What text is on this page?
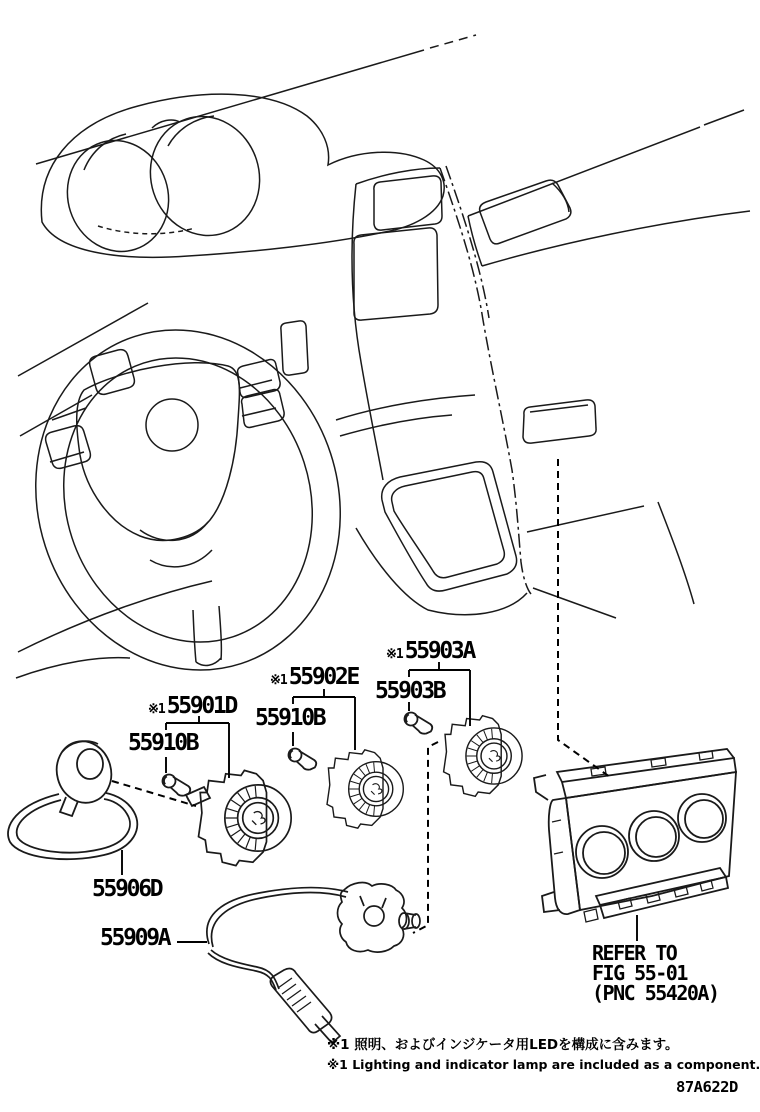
※155901D
55910B
※155902E
55910B
※155903A
55903B
55906D
55909A
REFER TO
FIG 55-01
(PNC 55420A)
※1 照明、およびインジケータ用LEDを構成に含みます。
※1 Lighting and indicator lamp are included as a component.
87A622D
